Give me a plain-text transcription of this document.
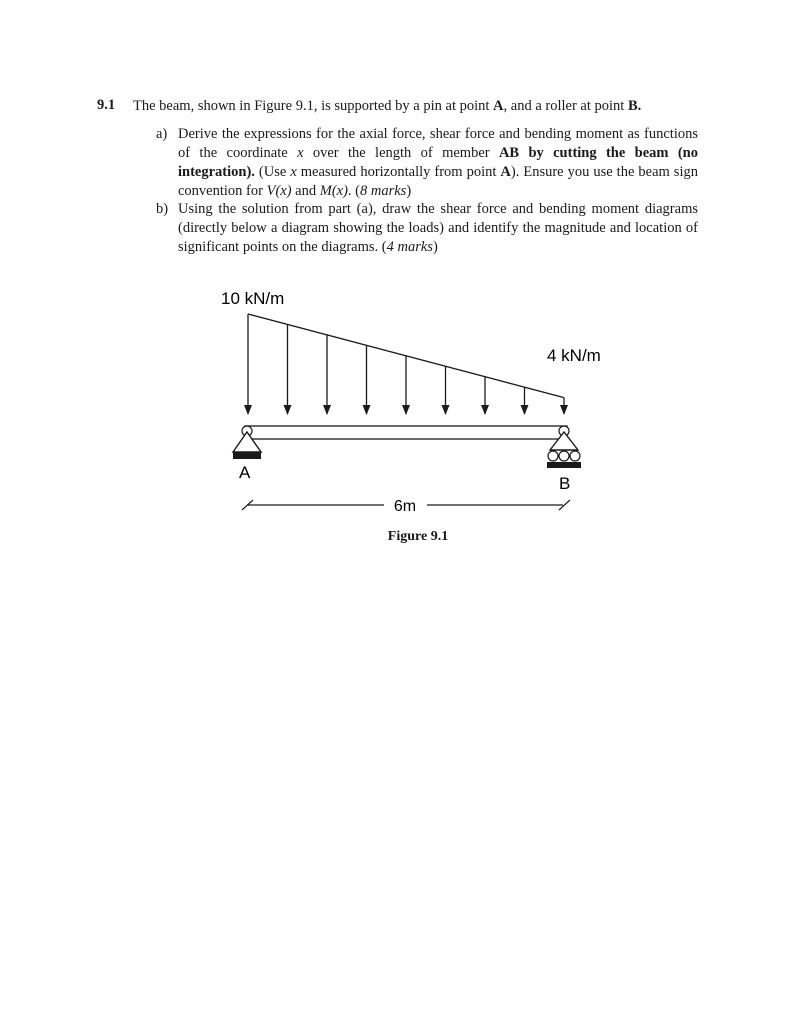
9.1 The beam, shown in Figure 9.1, is supported by a pin at point A, and a roller at point B.
a) Derive the expressions for the axial force, shear force and bending moment as functions of the coordinate x over the length of member AB by cutting the beam (no integration). (Use x measured horizontally from point A). Ensure you use the beam sign convention for V(x) and M(x). (8 marks)
b) Using the solution from part (a), draw the shear force and bending moment diagrams (directly below a diagram showing the loads) and identify the magnitude and location of significant points on the diagrams. (4 marks)
10 kN/m
4 kN/m
A
B
6m
Figure 9.1
